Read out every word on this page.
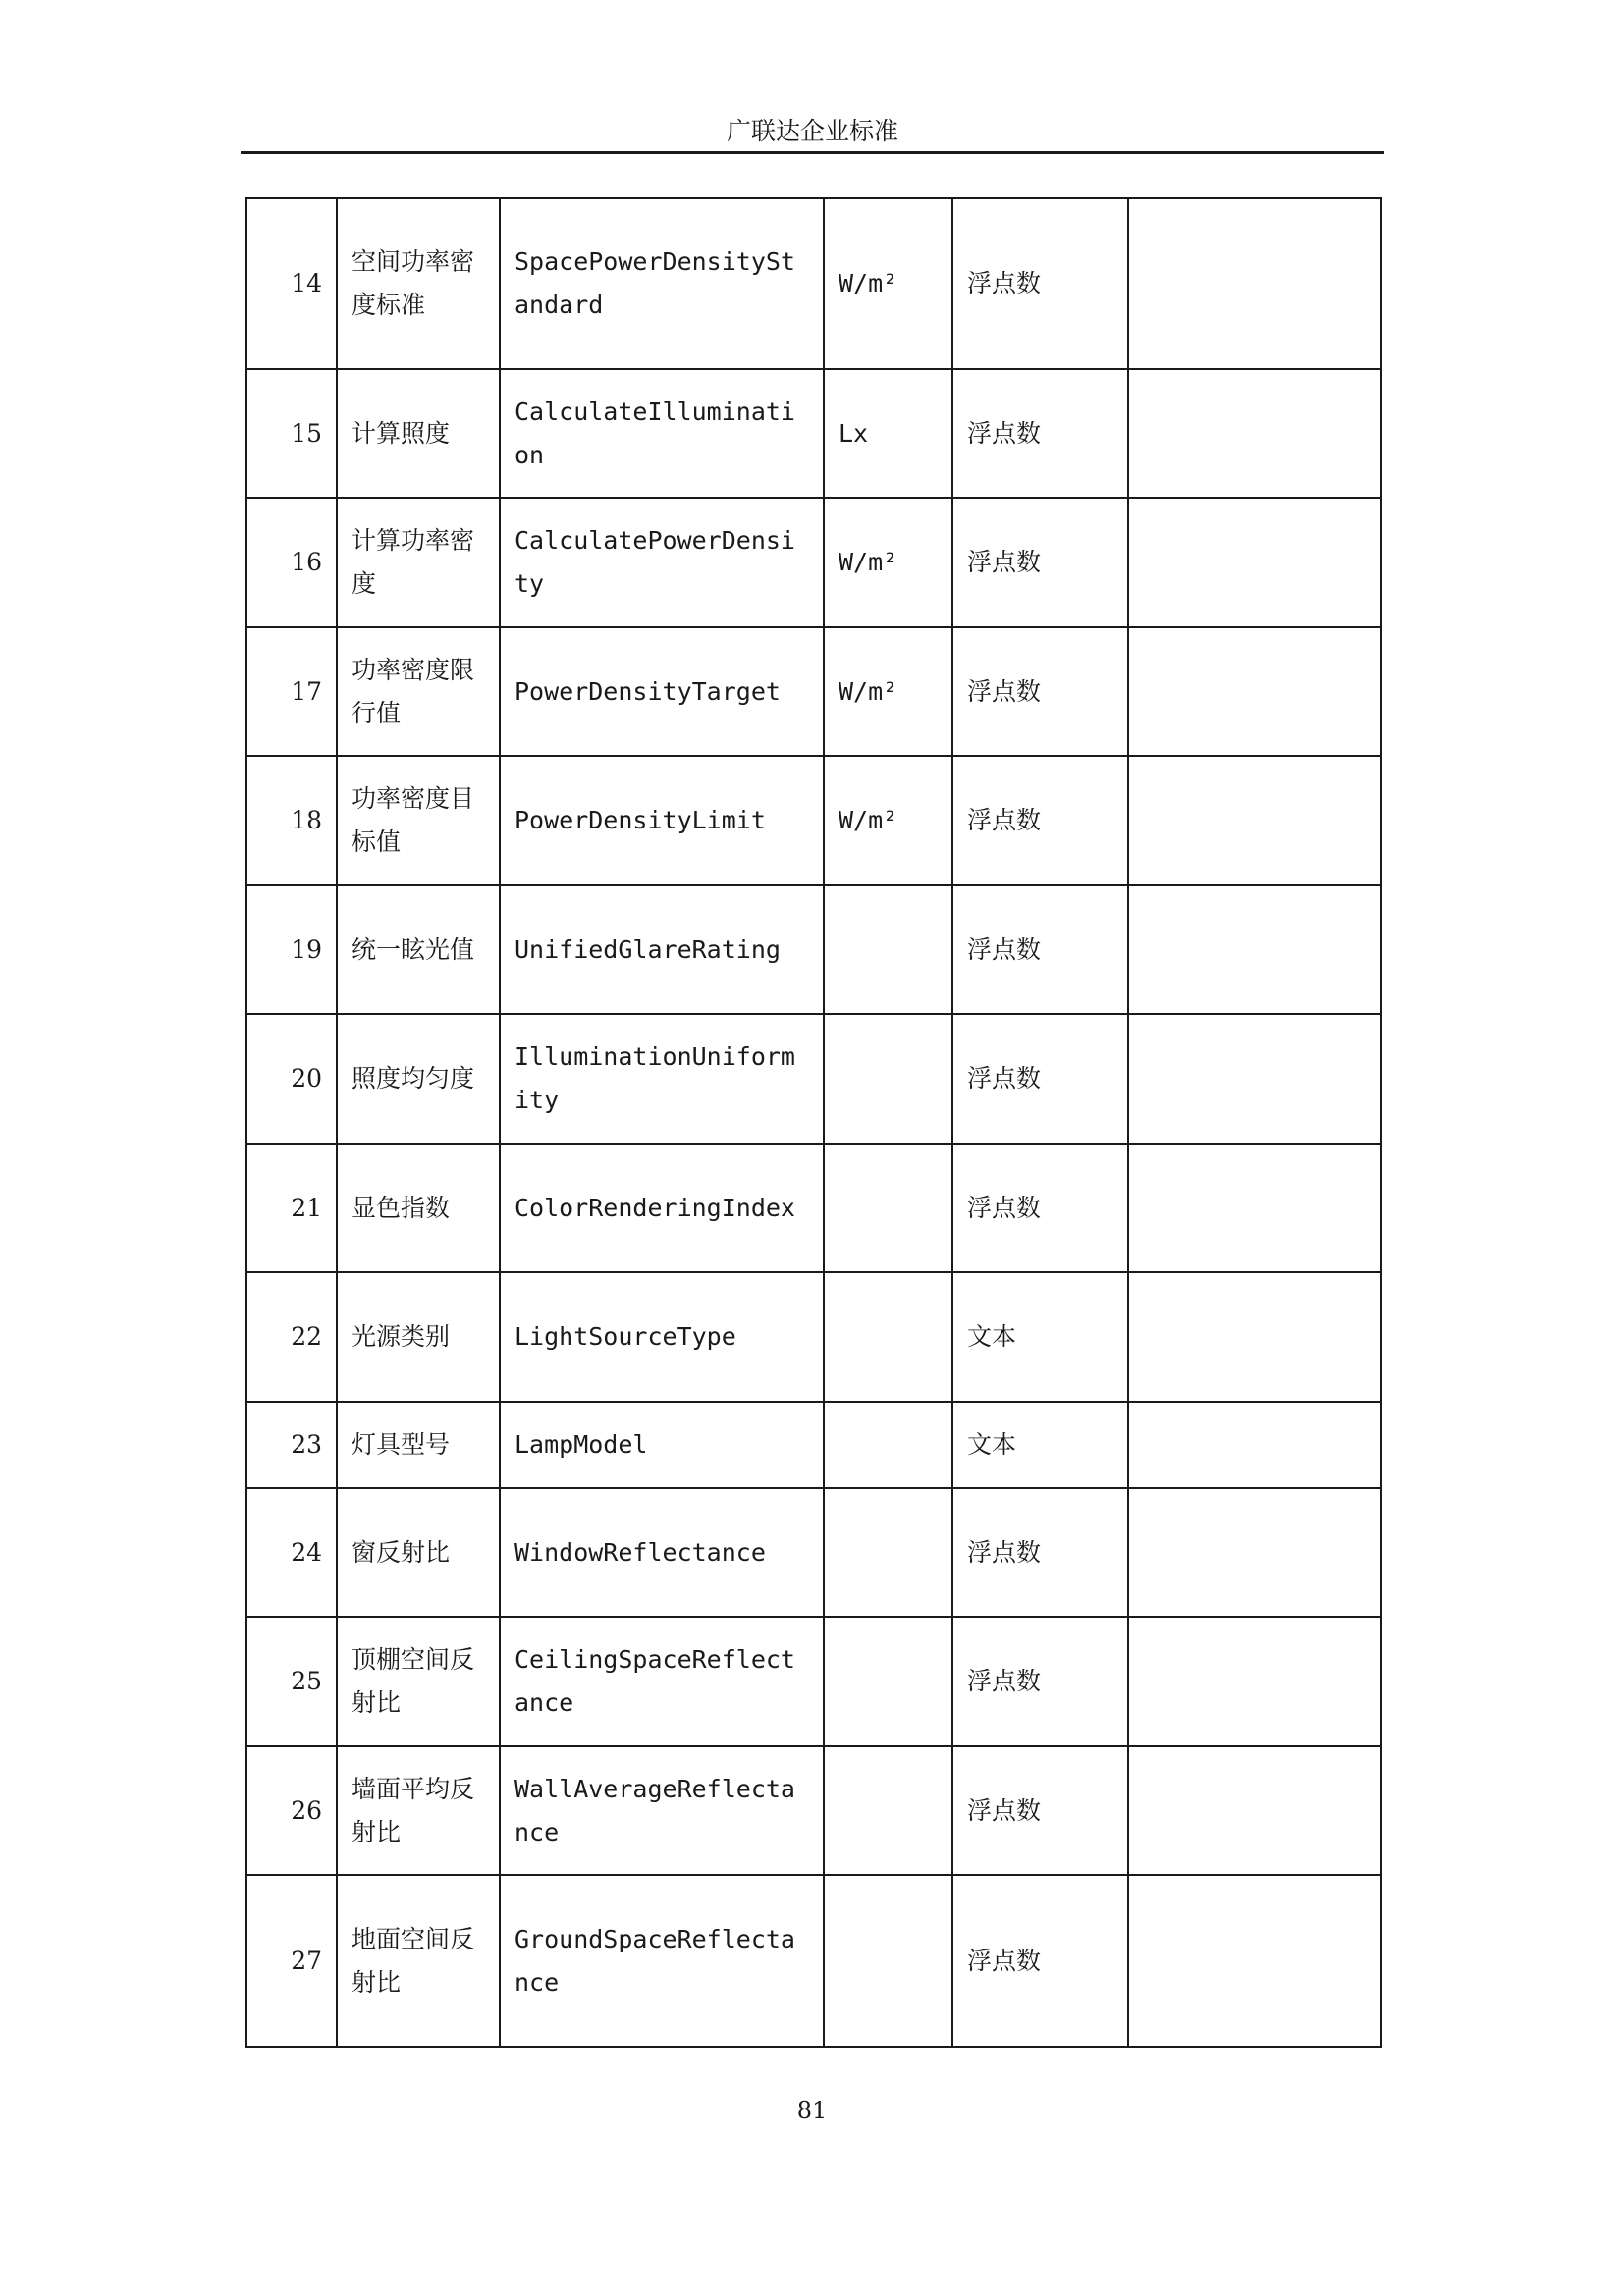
广联达企业标准
14	空间功率密度标准	SpacePowerDensityStandard	W/m²	浮点数	
15	计算照度	CalculateIllumination	Lx	浮点数	
16	计算功率密度	CalculatePowerDensity	W/m²	浮点数	
17	功率密度限行值	PowerDensityTarget	W/m²	浮点数	
18	功率密度目标值	PowerDensityLimit	W/m²	浮点数	
19	统一眩光值	UnifiedGlareRating		浮点数	
20	照度均匀度	IlluminationUniformity		浮点数	
21	显色指数	ColorRenderingIndex		浮点数	
22	光源类别	LightSourceType		文本	
23	灯具型号	LampModel		文本	
24	窗反射比	WindowReflectance		浮点数	
25	顶棚空间反射比	CeilingSpaceReflectance		浮点数	
26	墙面平均反射比	WallAverageReflectance		浮点数	
27	地面空间反射比	GroundSpaceReflectance		浮点数	
81
